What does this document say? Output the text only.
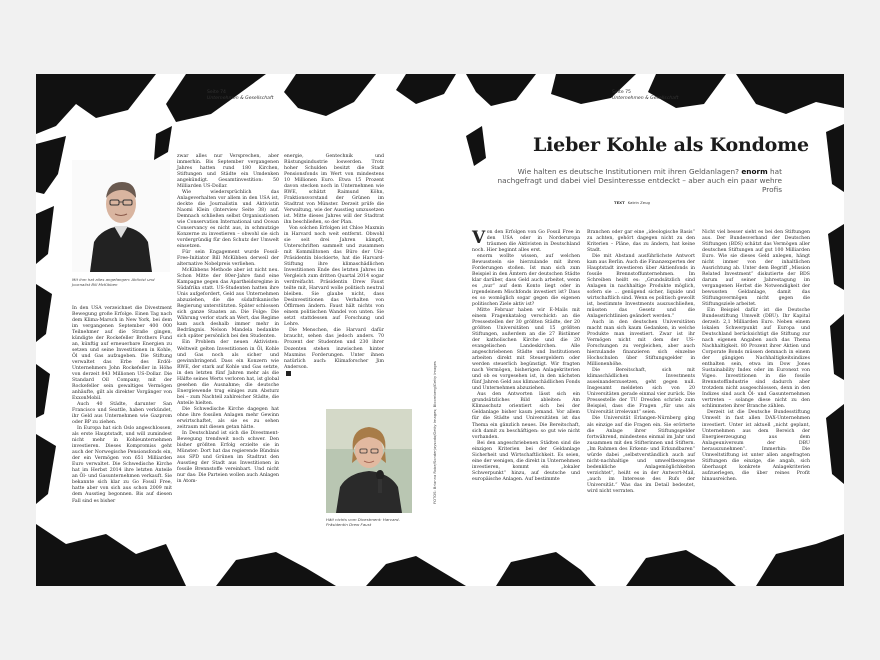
Seite 74
Unternehmen & Gesellschaft
Mit ihm hat alles angefangen: Aktivist und Journalist Bill McKibben

In den USA verzeichnet die Divestment Bewegung große Erfolge. Einen Tag nach dem Klima-Marsch in New York, bei dem im vergangenen September 400 000 Teilnehmer auf die Straße gingen, kündigte der Rockefeller Brothers Fund an, künftig auf erneuerbare Energien zu setzen und seine Investitionen in Kohle, Öl und Gas aufzugeben. Die Stiftung verwaltet das Erbe des Erdöl-Unternehmers John Rockefeller in Höhe von derzeit 843 Millionen US-Dollar. Die Standard Oil Company, mit der Rockefeller sein gewaltiges Vermögen anhäufte, gilt als direkter Vorgänger von ExxonMobil.

Auch 40 Städte, darunter San Francisco und Seattle, haben verkündet, ihr Geld aus Unternehmen wie Gazprom oder BP zu ziehen.

In Europa hat sich Oslo angeschlossen, als erste Hauptstadt, und will zumindest nicht mehr in Kohleunternehmen investieren. Dieses Kompromiss geht auch der Norwegische Pensionsfonds ein, der ein Vermögen von 651 Milliarden Euro verwaltet. Die Schwedische Kirche hat im Herbst 2014 ihre letzten Anteile an Öl- und Gasunternehmen verkauft. Sie bekannte sich klar zu Go Fossil Free, hatte aber von sich aus schon 2009 mit dem Ausstieg begonnen. Bis auf diesen Fall sind es bisher

zwar alles nur Versprechen, aber immerhin. Bis September vergangenen Jahres hatten rund 180 Kirchen, Stiftungen und Städte ein Umdenken angekündigt. Gesamtinvestition: 50 Milliarden US-Dollar.

Wie wiedersprüchlich das Anlageverhalten vor allem in den USA ist, deckte die Journalistin und Aktivistin Naomi Klein (Interview Seite 38) auf. Demnach schließen selbst Organisationen wie Conservation International und Ocean Conservancy es nicht aus, in schmutzige Konzerne zu investieren – obwohl sie sich vordergründig für den Schutz der Umwelt einsetzen.

Für sein Engagement wurde Fossil-Free-Initiator Bill McKibben derweil der alternative Nobelpreis verliehen.

McKibbens Methode aber ist nicht neu. Schon Mitte der 80er-Jahre fand eine Kampagne gegen das Apartheidsregime in Südafrika statt. US-Studenten hatten ihre Unis aufgefordert, Geld aus Unternehmen abzuziehen, die die südafrikanische Regierung unterstützten. Später schlossen sich ganze Staaten an. Die Folge: Die Währung verlor stark an Wert, das Regime kam auch deshalb immer mehr in Bedrängnis. Nelson Mandela bedankte sich später persönlich bei den Studenten.

Ein Problem der neuen Aktivisten: Weltweit gelten Investitionen in Öl, Kohle und Gas noch als sicher und gewinnbringend. Dass ein Konzern wie RWE, der stark auf Kohle und Gas setzte, in den letzten fünf Jahren mehr als die Hälfte seines Werts verloren hat, ist global gesehen die Ausnahme; die deutsche Energiewende trug einiges zum Absturz bei – zum Nachteil zahlreicher Städte, die Anteile hielten.

Die Schwedische Kirche dagegen hat ohne ihre fossilen Anlagen mehr Gewinn erwirtschaftet, als sie es zu sehen zeitraum mit diesen getan hätte.

In Deutschland ist sich die Divestment-Bewegung trendweit noch schwer. Den bisher größten Erfolg erzielte sie in Münster: Dort hat das regierende Bündnis aus SPD und Grünen im Stadtrat den Ausstieg der Stadt aus Investitionen in fossile Brennstoffe vereinbart. Und nicht nur das: Die Parteien wollen auch Anlagen in Atom-

energie, Gentechnik und Rüstungsindustrie loswerden. Trotz hoher Schulden besitzt die Stadt Pensionsfonds im Wert von mindestens 10 Millionen Euro. Etwa 15 Prozent davon stecken noch in Unternehmen wie RWE, schätzt Raimund Köhn, Fraktionsvorstand der Grünen im Stadtrat von Münster. Derzeit prüfe die Verwaltung, wie der Ausstieg umzusetzen ist. Mitte dieses Jahres will der Stadtrat ihn beschließen, so der Plan.

Von solchen Erfolgen ist Chloe Maxmin in Harvard noch weit entfernt. Obwohl sie seit drei Jahren kämpft, Unterschriften sammelt und zusammen mit Kommilitonen das Büro der Uni-Präsidentin blockierte, hat die Harvard-Stiftung ihre klimaschädlichen Investitionen Ende des letzten Jahres im Vergleich zum dritten Quartal 2014 sogar verdreifacht. Präsidentin Drew Faust teilte mit, Harvard wolle politisch neutral bleiben. Sie glaube nicht, dass Desinvestitionen das Verhalten von Öffirmen ändern. Faust hält nichts von einem politischen Wandel von unten. Sie setzt stattdessen auf Forschung und Lehre.

Die Menschen, die Harvard dafür braucht, sehen das jedoch anders. 70 Prozent der Studenten und 230 ihrer Dozenten stehen inzwischen hinter Maxmins Forderungen. Unter ihnen natürlich auch: Klimaforscher Jim Anderson.

Hält nichts vom Divestment: Harvard-Präsidentin Drew Faust
FOTOS: Brianna Robe/Sonderjaysoda/Getty Images; Bloomberg/Getty Images
Seite 75
Unternehmen & Gesellschaft
Lieber Kohle als Kondome
Wie halten es deutsche Institutionen mit ihren Geldanlagen? enorm hat nachgefragt und dabei viel Desinteresse entdeckt – aber auch ein paar wehre Profis
TEXT Katrin Zeug

Von den Erfolgen von Go Fossil Free in den USA oder in Norderuropa träumen die Aktivisten in Deutschland noch. Hier beginnt alles erst.

enorm wollte wissen, auf welchen Bewusstsein sie hierzulande mit ihren Forderungen stoßen. Ist man sich zum Beispiel in den Ämtern der deutschen Städte klar darüber, dass Geld auch arbeitet, wenn es „nur“ auf dem Konto liegt oder in irgendeinem Mischfonds investiert ist? Dass es so womöglich sogar gegen die eigenen politischen Ziele aktiv ist?

Mitte Februar haben wir E-Mails mit einem Fragenkatalog verschickt: an die Pressestellen der 30 größten Städte, der 20 größten Universitäten und 15 größten Stiftungen, außerdem an die 27 Bistümer der katholischen Kirche und die 20 evangelischen Landeskirchen. Alle angeschriebenen Städte und Institutionen arbeiten direkt mit Steuergeldern oder werden steuerlich begünstigt. Wir fragten nach Vermögen, bisherigen Anlagekriterien und ob es vorgesehen ist, in den nächsten fünf Jahren Geld aus klimaschädlichen Fonds und Unternehmen abzuziehen.

Aus den Antworten lässt sich ein grundsätzliches Bild ableiten: Am Klimaschutz orientiert sich bei der Geldanlage bisher kaum jemand. Vor allem für die Städte und Universitäten ist das Thema ein gänzlich neues. Die Bereitschaft, sich damit zu beschäftigen: so gut wie nicht vorhanden.

Bei den angeschriebenen Städten sind die einzigen Kriterien bei der Geldanlage Sicherheit und Wirtschaftlichkeit. Es seien, eine der wenigen, die direkt in Unternehmen investieren, kommt ein „lokaler Schwerpunkt“ hinzu, auf deutsche und europäische Anlagen. Auf bestimmte

Branchen oder gar eine „ideologische Basis“ zu achten, gehört dagegen nicht zu den Kriterien – Pläne, das zu ändern, hat keine Stadt.

Die mit Abstand ausführlichste Antwort kam aus Berlin. Auch die Finanzexperten der Hauptstadt investieren über Aktienfonds in fossile Brennstoffunternehmen. Im Schreiben heißt es: „Grundsätzlich sind Anlagen in nachhaltige Produkte möglich, sofern sie ... genügend sicher, liquide und wirtschaftlich sind. Wenn es politisch gewollt ist, bestimmte Investments auszuschließen, müssten das Gesetz und die Anlagerichtlinien geändert werden.“

Auch in den deutschen Universitäten macht man sich kaum Gedanken, in welche Produkte man investiert. Zwar ist ihr Vermögen nicht mit dem der US-Forschungen zu vergleichen, aber auch hierzulande finanzieren sich einzelne Hochschulen über Stiftungsgelder in Millionenhöhe.

Die Bereitschaft, sich mit klimaschädlichen Investments auseinanderzusetzen, geht gegen null. Insgesamt meldeten sich von 20 Universitäten gerade einmal vier zurück. Die Pressestelle der TU Dresden schrieb zum Beispiel, dass die Fragen „für uns als Universität irrelevant“ seien.

Die Universität Erlangen-Nürnberg ging als einzige auf die Fragen ein. Sie erörterte die Anlage ihrer Stiftungsgelder fortwährend, mindestens einmal im Jahr und zusammen mit den Stifterinnen und Stiftern. „Im Rahmen des Erkenn- und Erkundbaren“ würde dabei „selbstverständlich auch auf nicht-nachhaltige und umweltbezogene bedenkliche Anlagemöglichkeiten verzichtet“, heißt es in der Antwort-Mail, „auch im Interesse des Rufs der Universität.“ Was das im Detail bedeutet, wird nicht verraten.

Nicht viel besser sieht es bei den Stiftungen aus. Der Bundesverband der Deutschen Stiftungen (BDS) schätzt das Vermögen aller deutschen Stiftungen auf gut 100 Milliarden Euro. Wie sie dieses Geld anlegen, hängt nicht immer von der inhaltlichen Ausrichtung ab. Unter dem Begriff „Mission Related Investment“ diskutierte der BDS darum auf seiner Jahrestagung im vergangenen Herbst die Notwendigkeit der bewussten Geldanlage, damit das Stiftungsvermögen nicht gegen die Stiftungsziele arbeitet.

Ein Beispiel dafür ist die Deutsche Bundesstiftung Umwelt (DBU). Ihr Kapital derzeit: 2,1 Milliarden Euro. Neben einem lokalen Schwerpunkt auf Europa und Deutschland berücksichtigt die Stiftung zur nach eigenen Angaben auch das Thema Nachhaltigkeit. 80 Prozent ihrer Aktien und Corporate Bonds müssen demnach in einem der gängigen Nachhaltigkeitsindizes enthalten sein, etwa im Dow Jones Sustainability Index oder im Euronext von Vigeo. Investitionen in die fossile Brennstoffindustrie sind dadurch aber trotzdem nicht ausgeschlossen, denn in den Indizes sind auch Öl- und Gasunternehmen vertreten – solange diese nicht zu den schlimmsten ihrer Branche zählen.

Derzeit ist die Deutsche Bundesstiftung Umwelt in fast allen DAX-Unternehmen investiert. Unter ist aktuell „nicht geplant, Unternehmen aus dem Bereich der Energieerzeugung aus dem Anlageuniversum der DBU herauszunehmen“. Immerhin: Die Umweltstiftung ist unter allen angefragten Stiftungen die einzige, die angab, sich überhaupt konkrete Anlagekriterien aufzuerlegen, die über reines Profit hinausreichen.
